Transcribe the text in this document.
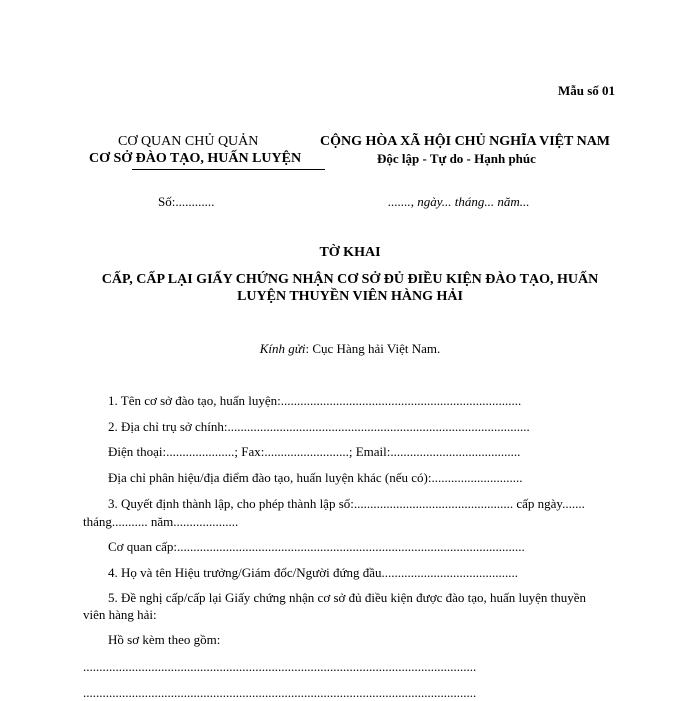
Mẫu số 01
CƠ QUAN CHỦ QUẢN
CƠ SỞ ĐÀO TẠO, HUẤN LUYỆN
CỘNG HÒA XÃ HỘI CHỦ NGHĨA VIỆT NAM
Độc lập - Tự do - Hạnh phúc
Số:............	......., ngày... tháng... năm...
TỜ KHAI
CẤP, CẤP LẠI GIẤY CHỨNG NHẬN CƠ SỞ ĐỦ ĐIỀU KIỆN ĐÀO TẠO, HUẤN LUYỆN THUYỀN VIÊN HÀNG HẢI
Kính gửi: Cục Hàng hải Việt Nam.
1. Tên cơ sở đào tạo, huấn luyện:..........................................................................
2. Địa chỉ trụ sở chính:.............................................................................................
Điện thoại:.....................; Fax:..........................; Email:........................................
Địa chỉ phân hiệu/địa điểm đào tạo, huấn luyện khác (nếu có):............................
3. Quyết định thành lập, cho phép thành lập số:................................................. cấp ngày.......
tháng........... năm....................
Cơ quan cấp:...........................................................................................................
4. Họ và tên Hiệu trưởng/Giám đốc/Người đứng đầu..........................................
5. Đề nghị cấp/cấp lại Giấy chứng nhận cơ sở đủ điều kiện được đào tạo, huấn luyện thuyền
viên hàng hải:
Hồ sơ kèm theo gồm:
.........................................................................................................................
.........................................................................................................................
